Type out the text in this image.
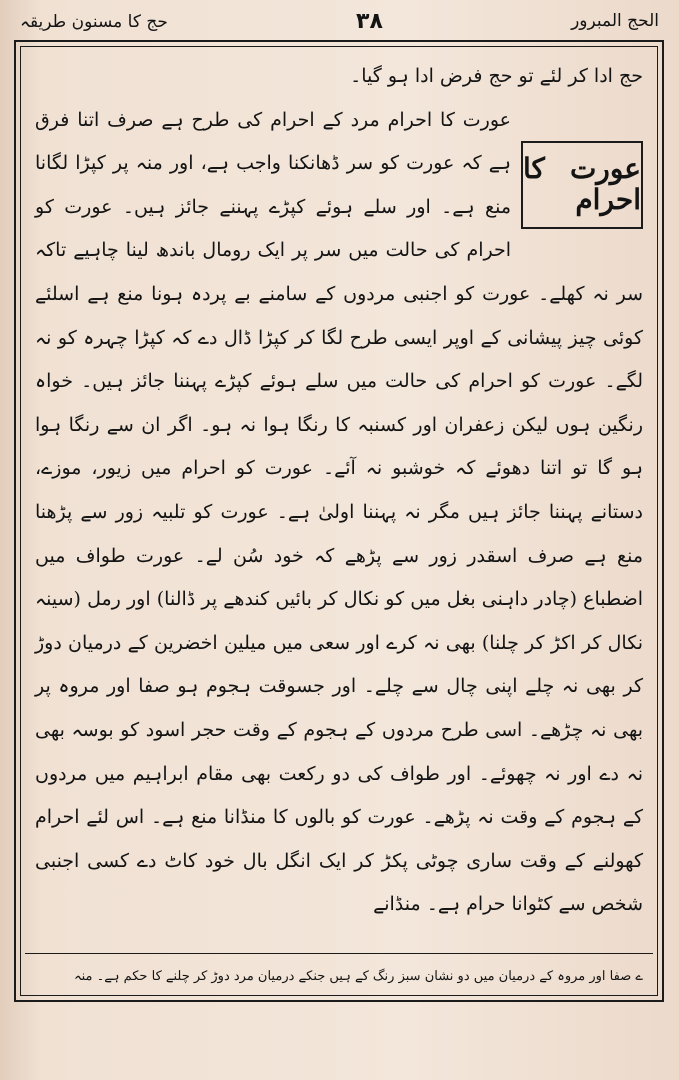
الحج المبرور
۳۸
حج کا مسنون طریقہ

حج ادا کر لئے تو حج فرض ادا ہو گیا۔

عورت کا احرام

عورت کا احرام مرد کے احرام کی طرح ہے صرف اتنا فرق ہے کہ عورت کو سر ڈھانکنا واجب ہے، اور منہ پر کپڑا لگانا منع ہے۔ اور سلے ہوئے کپڑے پہننے جائز ہیں۔ عورت کو احرام کی حالت میں سر پر ایک رومال باندھ لینا چاہیے تاکہ سر نہ کھلے۔ عورت کو اجنبی مردوں کے سامنے بے پردہ ہونا منع ہے اسلئے کوئی چیز پیشانی کے اوپر ایسی طرح لگا کر کپڑا ڈال دے کہ کپڑا چہرہ کو نہ لگے۔ عورت کو احرام کی حالت میں سلے ہوئے کپڑے پہننا جائز ہیں۔ خواہ رنگین ہوں لیکن زعفران اور کسنبہ کا رنگا ہوا نہ ہو۔ اگر ان سے رنگا ہوا ہو گا تو اتنا دھوئے کہ خوشبو نہ آئے۔ عورت کو احرام میں زیور، موزے، دستانے پہننا جائز ہیں مگر نہ پہننا اولیٰ ہے۔ عورت کو تلبیہ زور سے پڑھنا منع ہے صرف اسقدر زور سے پڑھے کہ خود سُن لے۔ عورت طواف میں اضطباع (چادر داہنی بغل میں کو نکال کر بائیں کندھے پر ڈالنا) اور رمل (سینہ نکال کر اکڑ کر چلنا) بھی نہ کرے اور سعی میں میلین اخضرین کے درمیان دوڑ کر بھی نہ چلے اپنی چال سے چلے۔ اور جسوقت ہجوم ہو صفا اور مروہ پر بھی نہ چڑھے۔ اسی طرح مردوں کے ہجوم کے وقت حجر اسود کو بوسہ بھی نہ دے اور نہ چھوئے۔ اور طواف کی دو رکعت بھی مقام ابراہیم میں مردوں کے ہجوم کے وقت نہ پڑھے۔ عورت کو بالوں کا منڈانا منع ہے۔ اس لئے احرام کھولنے کے وقت ساری چوٹی پکڑ کر ایک انگل بال خود کاٹ دے کسی اجنبی شخص سے کٹوانا حرام ہے۔ منڈانے

ے صفا اور مروہ کے درمیان میں دو نشان سبز رنگ کے ہیں جنکے درمیان مرد دوڑ کر چلنے کا حکم ہے۔ منہ
